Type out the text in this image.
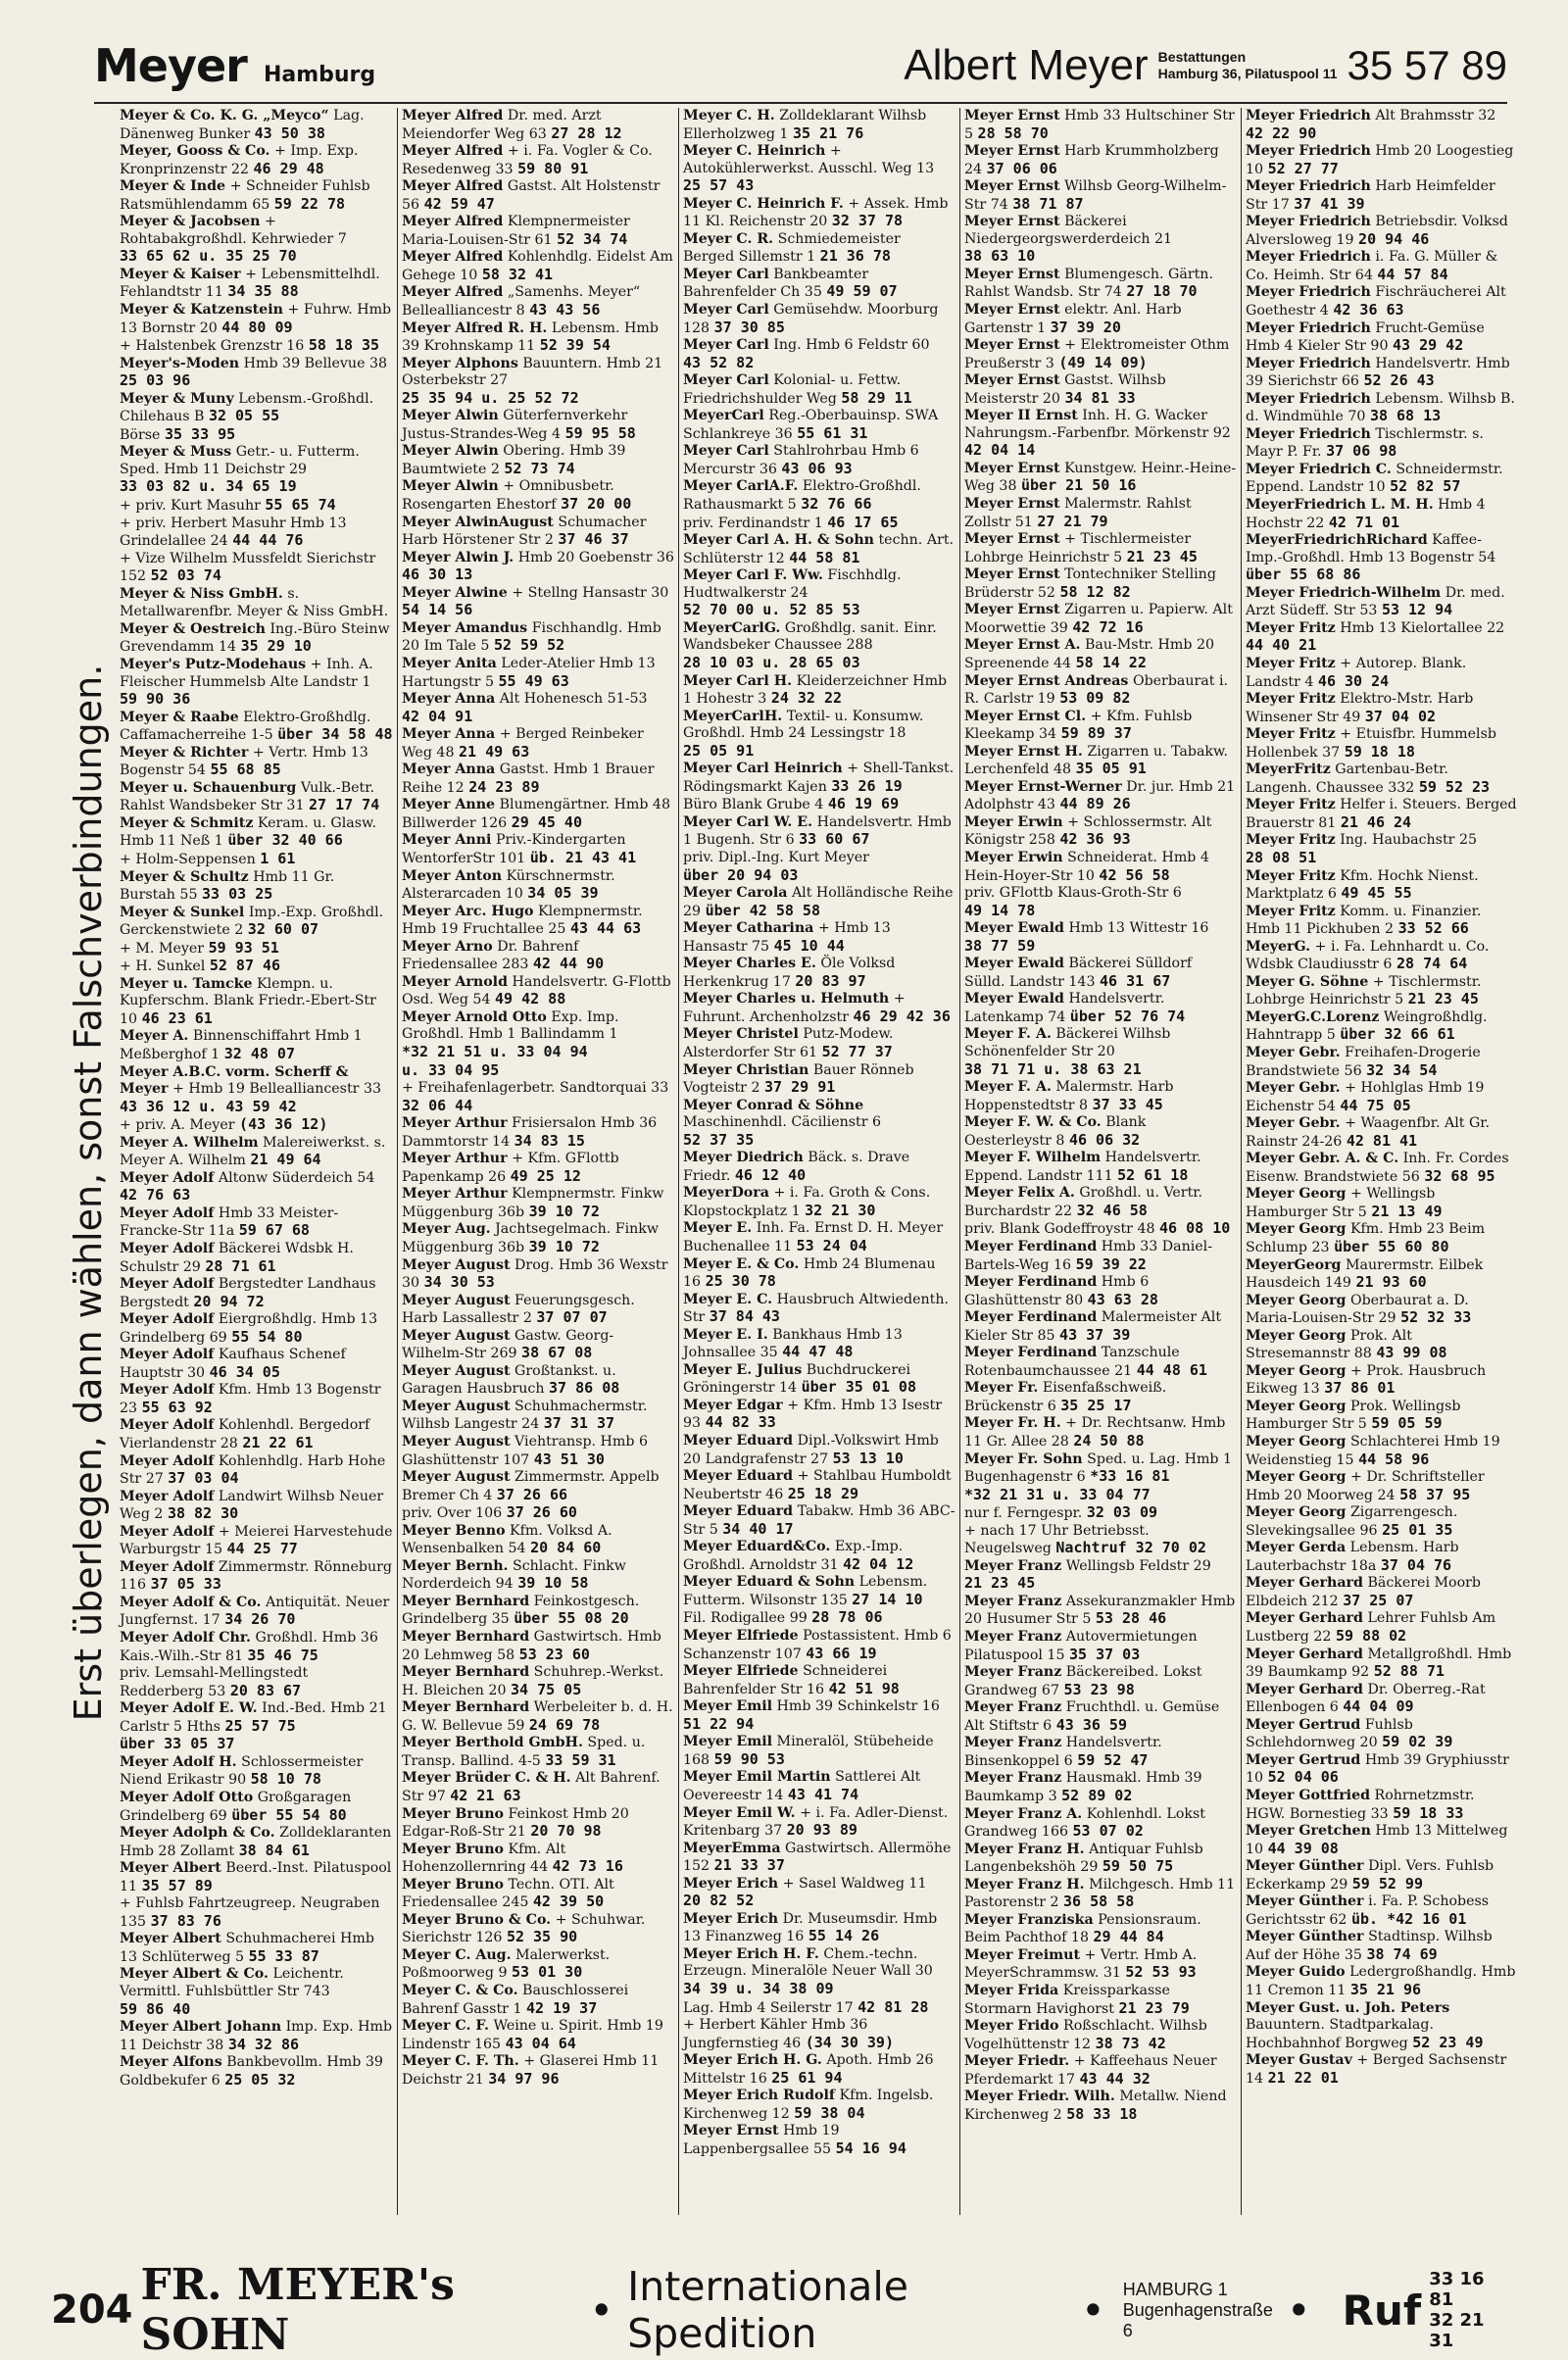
Meyer Hamburg	Albert Meyer Bestattungen
Hamburg 36, Pilatuspool 11 35 57 89
Erst überlegen, dann wählen, sonst Falschverbindungen.
Meyer & Co. K. G. „Meyco“ Lag. Dänenweg Bunker 43 50 38
Meyer, Gooss & Co. + Imp. Exp. Kronprinzenstr 22 46 29 48
Meyer & Inde + Schneider Fuhlsb Ratsmühlendamm 65 59 22 78
Meyer & Jacobsen + Rohtabakgroßhdl. Kehrwieder 7 33 65 62 u. 35 25 70
Meyer & Kaiser + Lebensmittelhdl. Fehlandtstr 11 34 35 88
Meyer & Katzenstein + Fuhrw. Hmb 13 Bornstr 20 44 80 09
+ Halstenbek Grenzstr 16 58 18 35
Meyer's-Moden Hmb 39 Bellevue 38 25 03 96
Meyer & Muny Lebensm.-Großhdl. Chilehaus B 32 05 55
Börse 35 33 95
Meyer & Muss Getr.- u. Futterm. Sped. Hmb 11 Deichstr 29 33 03 82 u. 34 65 19
+ priv. Kurt Masuhr 55 65 74
+ priv. Herbert Masuhr Hmb 13 Grindelallee 24 44 44 76
+ Vize Wilhelm Mussfeldt Sierichstr 152 52 03 74
Meyer & Niss GmbH. s. Metallwarenfbr. Meyer & Niss GmbH.
Meyer & Oestreich Ing.-Büro Steinw Grevendamm 14 35 29 10
Meyer's Putz-Modehaus + Inh. A. Fleischer Hummelsb Alte Landstr 1 59 90 36
Meyer & Raabe Elektro-Großhdlg. Caffamacherreihe 1-5 über 34 58 48
Meyer & Richter + Vertr. Hmb 13 Bogenstr 54 55 68 85
Meyer u. Schauenburg Vulk.-Betr. Rahlst Wandsbeker Str 31 27 17 74
Meyer & Schmitz Keram. u. Glasw. Hmb 11 Neß 1 über 32 40 66
+ Holm-Seppensen 1 61
Meyer & Schultz Hmb 11 Gr. Burstah 55 33 03 25
Meyer & Sunkel Imp.-Exp. Großhdl. Gerckenstwiete 2 32 60 07
+ M. Meyer 59 93 51
+ H. Sunkel 52 87 46
Meyer u. Tamcke Klempn. u. Kupferschm. Blank Friedr.-Ebert-Str 10 46 23 61
Meyer A. Binnenschiffahrt Hmb 1 Meßberghof 1 32 48 07
Meyer A.B.C. vorm. Scherff & Meyer + Hmb 19 Bellealliancestr 33 43 36 12 u. 43 59 42
+ priv. A. Meyer (43 36 12)
Meyer A. Wilhelm Malereiwerkst. s. Meyer A. Wilhelm 21 49 64
Meyer Adolf Altonw Süderdeich 54 42 76 63
Meyer Adolf Hmb 33 Meister-Francke-Str 11a 59 67 68
Meyer Adolf Bäckerei Wdsbk H. Schulstr 29 28 71 61
Meyer Adolf Bergstedter Landhaus Bergstedt 20 94 72
Meyer Adolf Eiergroßhdlg. Hmb 13 Grindelberg 69 55 54 80
Meyer Adolf Kaufhaus Schenef Hauptstr 30 46 34 05
Meyer Adolf Kfm. Hmb 13 Bogenstr 23 55 63 92
Meyer Adolf Kohlenhdl. Bergedorf Vierlandenstr 28 21 22 61
Meyer Adolf Kohlenhdlg. Harb Hohe Str 27 37 03 04
Meyer Adolf Landwirt Wilhsb Neuer Weg 2 38 82 30
Meyer Adolf + Meierei Harvestehude Warburgstr 15 44 25 77
Meyer Adolf Zimmermstr. Rönneburg 116 37 05 33
Meyer Adolf & Co. Antiquität. Neuer Jungfernst. 17 34 26 70
Meyer Adolf Chr. Großhdl. Hmb 36 Kais.-Wilh.-Str 81 35 46 75
priv. Lemsahl-Mellingstedt Redderberg 53 20 83 67
Meyer Adolf E. W. Ind.-Bed. Hmb 21 Carlstr 5 Hths 25 57 75
über 33 05 37
Meyer Adolf H. Schlossermeister Niend Erikastr 90 58 10 78
Meyer Adolf Otto Großgaragen Grindelberg 69 über 55 54 80
Meyer Adolph & Co. Zolldeklaranten Hmb 28 Zollamt 38 84 61
Meyer Albert Beerd.-Inst. Pilatuspool 11 35 57 89
+ Fuhlsb Fahrtzeugreep. Neugraben 135 37 83 76
Meyer Albert Schuhmacherei Hmb 13 Schlüterweg 5 55 33 87
Meyer Albert & Co. Leichentr. Vermittl. Fuhlsbüttler Str 743 59 86 40
Meyer Albert Johann Imp. Exp. Hmb 11 Deichstr 38 34 32 86
Meyer Alfons Bankbevollm. Hmb 39 Goldbekufer 6 25 05 32
Meyer Alfred Dr. med. Arzt Meiendorfer Weg 63 27 28 12
Meyer Alfred + i. Fa. Vogler & Co. Resedenweg 33 59 80 91
Meyer Alfred Gastst. Alt Holstenstr 56 42 59 47
Meyer Alfred Klempnermeister Maria-Louisen-Str 61 52 34 74
Meyer Alfred Kohlenhdlg. Eidelst Am Gehege 10 58 32 41
Meyer Alfred „Samenhs. Meyer“ Bellealliancestr 8 43 43 56
Meyer Alfred R. H. Lebensm. Hmb 39 Krohnskamp 11 52 39 54
Meyer Alphons Bauuntern. Hmb 21 Osterbekstr 27 25 35 94 u. 25 52 72
Meyer Alwin Güterfernverkehr Justus-Strandes-Weg 4 59 95 58
Meyer Alwin Obering. Hmb 39 Baumtwiete 2 52 73 74
Meyer Alwin + Omnibusbetr. Rosengarten Ehestorf 37 20 00
Meyer AlwinAugust Schumacher Harb Hörstener Str 2 37 46 37
Meyer Alwin J. Hmb 20 Goebenstr 36 46 30 13
Meyer Alwine + Stellng Hansastr 30 54 14 56
Meyer Amandus Fischhandlg. Hmb 20 Im Tale 5 52 59 52
Meyer Anita Leder-Atelier Hmb 13 Hartungstr 5 55 49 63
Meyer Anna Alt Hohenesch 51-53 42 04 91
Meyer Anna + Berged Reinbeker Weg 48 21 49 63
Meyer Anna Gastst. Hmb 1 Brauer Reihe 12 24 23 89
Meyer Anne Blumengärtner. Hmb 48 Billwerder 126 29 45 40
Meyer Anni Priv.-Kindergarten WentorferStr 101 üb. 21 43 41
Meyer Anton Kürschnermstr. Alsterarcaden 10 34 05 39
Meyer Arc. Hugo Klempnermstr. Hmb 19 Fruchtallee 25 43 44 63
Meyer Arno Dr. Bahrenf Friedensallee 283 42 44 90
Meyer Arnold Handelsvertr. G-Flottb Osd. Weg 54 49 42 88
Meyer Arnold Otto Exp. Imp. Großhdl. Hmb 1 Ballindamm 1 *32 21 51 u. 33 04 94
u. 33 04 95
+ Freihafenlagerbetr. Sandtorquai 33 32 06 44
Meyer Arthur Frisiersalon Hmb 36 Dammtorstr 14 34 83 15
Meyer Arthur + Kfm. GFlottb Papenkamp 26 49 25 12
Meyer Arthur Klempnermstr. Finkw Müggenburg 36b 39 10 72
Meyer Aug. Jachtsegelmach. Finkw Müggenburg 36b 39 10 72
Meyer August Drog. Hmb 36 Wexstr 30 34 30 53
Meyer August Feuerungsgesch. Harb Lassallestr 2 37 07 07
Meyer August Gastw. Georg-Wilhelm-Str 269 38 67 08
Meyer August Großtankst. u. Garagen Hausbruch 37 86 08
Meyer August Schuhmachermstr. Wilhsb Langestr 24 37 31 37
Meyer August Viehtransp. Hmb 6 Glashüttenstr 107 43 51 30
Meyer August Zimmermstr. Appelb Bremer Ch 4 37 26 66
priv. Over 106 37 26 60
Meyer Benno Kfm. Volksd A. Wensenbalken 54 20 84 60
Meyer Bernh. Schlacht. Finkw Norderdeich 94 39 10 58
Meyer Bernhard Feinkostgesch. Grindelberg 35 über 55 08 20
Meyer Bernhard Gastwirtsch. Hmb 20 Lehmweg 58 53 23 60
Meyer Bernhard Schuhrep.-Werkst. H. Bleichen 20 34 75 05
Meyer Bernhard Werbeleiter b. d. H. G. W. Bellevue 59 24 69 78
Meyer Berthold GmbH. Sped. u. Transp. Ballind. 4-5 33 59 31
Meyer Brüder C. & H. Alt Bahrenf. Str 97 42 21 63
Meyer Bruno Feinkost Hmb 20 Edgar-Roß-Str 21 20 70 98
Meyer Bruno Kfm. Alt Hohenzollernring 44 42 73 16
Meyer Bruno Techn. OTI. Alt Friedensallee 245 42 39 50
Meyer Bruno & Co. + Schuhwar. Sierichstr 126 52 35 90
Meyer C. Aug. Malerwerkst. Poßmoorweg 9 53 01 30
Meyer C. & Co. Bauschlosserei Bahrenf Gasstr 1 42 19 37
Meyer C. F. Weine u. Spirit. Hmb 19 Lindenstr 165 43 04 64
Meyer C. F. Th. + Glaserei Hmb 11 Deichstr 21 34 97 96
Meyer C. H. Zolldeklarant Wilhsb Ellerholzweg 1 35 21 76
Meyer C. Heinrich + Autokühlerwerkst. Ausschl. Weg 13 25 57 43
Meyer C. Heinrich F. + Assek. Hmb 11 Kl. Reichenstr 20 32 37 78
Meyer C. R. Schmiedemeister Berged Sillemstr 1 21 36 78
Meyer Carl Bankbeamter Bahrenfelder Ch 35 49 59 07
Meyer Carl Gemüsehdw. Moorburg 128 37 30 85
Meyer Carl Ing. Hmb 6 Feldstr 60 43 52 82
Meyer Carl Kolonial- u. Fettw. Friedrichshulder Weg 58 29 11
MeyerCarl Reg.-Oberbauinsp. SWA Schlankreye 36 55 61 31
Meyer Carl Stahlrohrbau Hmb 6 Mercurstr 36 43 06 93
Meyer CarlA.F. Elektro-Großhdl. Rathausmarkt 5 32 76 66
priv. Ferdinandstr 1 46 17 65
Meyer Carl A. H. & Sohn techn. Art. Schlüterstr 12 44 58 81
Meyer Carl F. Ww. Fischhdlg. Hudtwalkerstr 24 52 70 00 u. 52 85 53
MeyerCarlG. Großhdlg. sanit. Einr. Wandsbeker Chaussee 288 28 10 03 u. 28 65 03
Meyer Carl H. Kleiderzeichner Hmb 1 Hohestr 3 24 32 22
MeyerCarlH. Textil- u. Konsumw. Großhdl. Hmb 24 Lessingstr 18 25 05 91
Meyer Carl Heinrich + Shell-Tankst. Rödingsmarkt Kajen 33 26 19
Büro Blank Grube 4 46 19 69
Meyer Carl W. E. Handelsvertr. Hmb 1 Bugenh. Str 6 33 60 67
priv. Dipl.-Ing. Kurt Meyer über 20 94 03
Meyer Carola Alt Holländische Reihe 29 über 42 58 58
Meyer Catharina + Hmb 13 Hansastr 75 45 10 44
Meyer Charles E. Öle Volksd Herkenkrug 17 20 83 97
Meyer Charles u. Helmuth + Fuhrunt. Archenholzstr 46 29 42 36
Meyer Christel Putz-Modew. Alsterdorfer Str 61 52 77 37
Meyer Christian Bauer Rönneb Vogteistr 2 37 29 91
Meyer Conrad & Söhne Maschinenhdl. Cäcilienstr 6 52 37 35
Meyer Diedrich Bäck. s. Drave Friedr. 46 12 40
MeyerDora + i. Fa. Groth & Cons. Klopstockplatz 1 32 21 30
Meyer E. Inh. Fa. Ernst D. H. Meyer Buchenallee 11 53 24 04
Meyer E. & Co. Hmb 24 Blumenau 16 25 30 78
Meyer E. C. Hausbruch Altwiedenth. Str 37 84 43
Meyer E. I. Bankhaus Hmb 13 Johnsallee 35 44 47 48
Meyer E. Julius Buchdruckerei Gröningerstr 14 über 35 01 08
Meyer Edgar + Kfm. Hmb 13 Isestr 93 44 82 33
Meyer Eduard Dipl.-Volkswirt Hmb 20 Landgrafenstr 27 53 13 10
Meyer Eduard + Stahlbau Humboldt Neubertstr 46 25 18 29
Meyer Eduard Tabakw. Hmb 36 ABC-Str 5 34 40 17
Meyer Eduard&Co. Exp.-Imp. Großhdl. Arnoldstr 31 42 04 12
Meyer Eduard & Sohn Lebensm. Futterm. Wilsonstr 135 27 14 10
Fil. Rodigallee 99 28 78 06
Meyer Elfriede Postassistent. Hmb 6 Schanzenstr 107 43 66 19
Meyer Elfriede Schneiderei Bahrenfelder Str 16 42 51 98
Meyer Emil Hmb 39 Schinkelstr 16 51 22 94
Meyer Emil Mineralöl, Stübeheide 168 59 90 53
Meyer Emil Martin Sattlerei Alt Oevereestr 14 43 41 74
Meyer Emil W. + i. Fa. Adler-Dienst. Kritenbarg 37 20 93 89
MeyerEmma Gastwirtsch. Allermöhe 152 21 33 37
Meyer Erich + Sasel Waldweg 11 20 82 52
Meyer Erich Dr. Museumsdir. Hmb 13 Finanzweg 16 55 14 26
Meyer Erich H. F. Chem.-techn. Erzeugn. Mineralöle Neuer Wall 30 34 39 u. 34 38 09
Lag. Hmb 4 Seilerstr 17 42 81 28
+ Herbert Kähler Hmb 36 Jungfernstieg 46 (34 30 39)
Meyer Erich H. G. Apoth. Hmb 26 Mittelstr 16 25 61 94
Meyer Erich Rudolf Kfm. Ingelsb. Kirchenweg 12 59 38 04
Meyer Ernst Hmb 19 Lappenbergsallee 55 54 16 94
Meyer Ernst Hmb 33 Hultschiner Str 5 28 58 70
Meyer Ernst Harb Krummholzberg 24 37 06 06
Meyer Ernst Wilhsb Georg-Wilhelm-Str 74 38 71 87
Meyer Ernst Bäckerei Niedergeorgswerderdeich 21 38 63 10
Meyer Ernst Blumengesch. Gärtn. Rahlst Wandsb. Str 74 27 18 70
Meyer Ernst elektr. Anl. Harb Gartenstr 1 37 39 20
Meyer Ernst + Elektromeister Othm Preußerstr 3 (49 14 09)
Meyer Ernst Gastst. Wilhsb Meisterstr 20 34 81 33
Meyer II Ernst Inh. H. G. Wacker Nahrungsm.-Farbenfbr. Mörkenstr 92 42 04 14
Meyer Ernst Kunstgew. Heinr.-Heine-Weg 38 über 21 50 16
Meyer Ernst Malermstr. Rahlst Zollstr 51 27 21 79
Meyer Ernst + Tischlermeister Lohbrge Heinrichstr 5 21 23 45
Meyer Ernst Tontechniker Stelling Brüderstr 52 58 12 82
Meyer Ernst Zigarren u. Papierw. Alt Moorwettie 39 42 72 16
Meyer Ernst A. Bau-Mstr. Hmb 20 Spreenende 44 58 14 22
Meyer Ernst Andreas Oberbaurat i. R. Carlstr 19 53 09 82
Meyer Ernst Cl. + Kfm. Fuhlsb Kleekamp 34 59 89 37
Meyer Ernst H. Zigarren u. Tabakw. Lerchenfeld 48 35 05 91
Meyer Ernst-Werner Dr. jur. Hmb 21 Adolphstr 43 44 89 26
Meyer Erwin + Schlossermstr. Alt Königstr 258 42 36 93
Meyer Erwin Schneiderat. Hmb 4 Hein-Hoyer-Str 10 42 56 58
priv. GFlottb Klaus-Groth-Str 6 49 14 78
Meyer Ewald Hmb 13 Wittestr 16 38 77 59
Meyer Ewald Bäckerei Sülldorf Sülld. Landstr 143 46 31 67
Meyer Ewald Handelsvertr. Latenkamp 74 über 52 76 74
Meyer F. A. Bäckerei Wilhsb Schönenfelder Str 20 38 71 71 u. 38 63 21
Meyer F. A. Malermstr. Harb Hoppenstedtstr 8 37 33 45
Meyer F. W. & Co. Blank Oesterleystr 8 46 06 32
Meyer F. Wilhelm Handelsvertr. Eppend. Landstr 111 52 61 18
Meyer Felix A. Großhdl. u. Vertr. Burchardstr 22 32 46 58
priv. Blank Godeffroystr 48 46 08 10
Meyer Ferdinand Hmb 33 Daniel-Bartels-Weg 16 59 39 22
Meyer Ferdinand Hmb 6 Glashüttenstr 80 43 63 28
Meyer Ferdinand Malermeister Alt Kieler Str 85 43 37 39
Meyer Ferdinand Tanzschule Rotenbaumchaussee 21 44 48 61
Meyer Fr. Eisenfaßschweiß. Brückenstr 6 35 25 17
Meyer Fr. H. + Dr. Rechtsanw. Hmb 11 Gr. Allee 28 24 50 88
Meyer Fr. Sohn Sped. u. Lag. Hmb 1 Bugenhagenstr 6 *33 16 81
*32 21 31 u. 33 04 77
nur f. Ferngespr. 32 03 09
+ nach 17 Uhr Betriebsst. Neugelsweg Nachtruf 32 70 02
Meyer Franz Wellingsb Feldstr 29 21 23 45
Meyer Franz Assekuranzmakler Hmb 20 Husumer Str 5 53 28 46
Meyer Franz Autovermietungen Pilatuspool 15 35 37 03
Meyer Franz Bäckereibed. Lokst Grandweg 67 53 23 98
Meyer Franz Fruchthdl. u. Gemüse Alt Stiftstr 6 43 36 59
Meyer Franz Handelsvertr. Binsenkoppel 6 59 52 47
Meyer Franz Hausmakl. Hmb 39 Baumkamp 3 52 89 02
Meyer Franz A. Kohlenhdl. Lokst Grandweg 166 53 07 02
Meyer Franz H. Antiquar Fuhlsb Langenbekshöh 29 59 50 75
Meyer Franz H. Milchgesch. Hmb 11 Pastorenstr 2 36 58 58
Meyer Franziska Pensionsraum. Beim Pachthof 18 29 44 84
Meyer Freimut + Vertr. Hmb A. MeyerSchrammsw. 31 52 53 93
Meyer Frida Kreissparkasse Stormarn Havighorst 21 23 79
Meyer Frido Roßschlacht. Wilhsb Vogelhüttenstr 12 38 73 42
Meyer Friedr. + Kaffeehaus Neuer Pferdemarkt 17 43 44 32
Meyer Friedr. Wilh. Metallw. Niend Kirchenweg 2 58 33 18
Meyer Friedrich Alt Brahmsstr 32 42 22 90
Meyer Friedrich Hmb 20 Loogestieg 10 52 27 77
Meyer Friedrich Harb Heimfelder Str 17 37 41 39
Meyer Friedrich Betriebsdir. Volksd Alversloweg 19 20 94 46
Meyer Friedrich i. Fa. G. Müller & Co. Heimh. Str 64 44 57 84
Meyer Friedrich Fischräucherei Alt Goethestr 4 42 36 63
Meyer Friedrich Frucht-Gemüse Hmb 4 Kieler Str 90 43 29 42
Meyer Friedrich Handelsvertr. Hmb 39 Sierichstr 66 52 26 43
Meyer Friedrich Lebensm. Wilhsb B. d. Windmühle 70 38 68 13
Meyer Friedrich Tischlermstr. s. Mayr P. Fr. 37 06 98
Meyer Friedrich C. Schneidermstr. Eppend. Landstr 10 52 82 57
MeyerFriedrich L. M. H. Hmb 4 Hochstr 22 42 71 01
MeyerFriedrichRichard Kaffee-Imp.-Großhdl. Hmb 13 Bogenstr 54 über 55 68 86
Meyer Friedrich-Wilhelm Dr. med. Arzt Südeff. Str 53 53 12 94
Meyer Fritz Hmb 13 Kielortallee 22 44 40 21
Meyer Fritz + Autorep. Blank. Landstr 4 46 30 24
Meyer Fritz Elektro-Mstr. Harb Winsener Str 49 37 04 02
Meyer Fritz + Etuisfbr. Hummelsb Hollenbek 37 59 18 18
MeyerFritz Gartenbau-Betr. Langenh. Chaussee 332 59 52 23
Meyer Fritz Helfer i. Steuers. Berged Brauerstr 81 21 46 24
Meyer Fritz Ing. Haubachstr 25 28 08 51
Meyer Fritz Kfm. Hochk Nienst. Marktplatz 6 49 45 55
Meyer Fritz Komm. u. Finanzier. Hmb 11 Pickhuben 2 33 52 66
MeyerG. + i. Fa. Lehnhardt u. Co. Wdsbk Claudiusstr 6 28 74 64
Meyer G. Söhne + Tischlermstr. Lohbrge Heinrichstr 5 21 23 45
MeyerG.C.Lorenz Weingroßhdlg. Hahntrapp 5 über 32 66 61
Meyer Gebr. Freihafen-Drogerie Brandstwiete 56 32 34 54
Meyer Gebr. + Hohlglas Hmb 19 Eichenstr 54 44 75 05
Meyer Gebr. + Waagenfbr. Alt Gr. Rainstr 24-26 42 81 41
Meyer Gebr. A. & C. Inh. Fr. Cordes Eisenw. Brandstwiete 56 32 68 95
Meyer Georg + Wellingsb Hamburger Str 5 21 13 49
Meyer Georg Kfm. Hmb 23 Beim Schlump 23 über 55 60 80
MeyerGeorg Maurermstr. Eilbek Hausdeich 149 21 93 60
Meyer Georg Oberbaurat a. D. Maria-Louisen-Str 29 52 32 33
Meyer Georg Prok. Alt Stresemannstr 88 43 99 08
Meyer Georg + Prok. Hausbruch Eikweg 13 37 86 01
Meyer Georg Prok. Wellingsb Hamburger Str 5 59 05 59
Meyer Georg Schlachterei Hmb 19 Weidenstieg 15 44 58 96
Meyer Georg + Dr. Schriftsteller Hmb 20 Moorweg 24 58 37 95
Meyer Georg Zigarrengesch. Slevekingsallee 96 25 01 35
Meyer Gerda Lebensm. Harb Lauterbachstr 18a 37 04 76
Meyer Gerhard Bäckerei Moorb Elbdeich 212 37 25 07
Meyer Gerhard Lehrer Fuhlsb Am Lustberg 22 59 88 02
Meyer Gerhard Metallgroßhdl. Hmb 39 Baumkamp 92 52 88 71
Meyer Gerhard Dr. Oberreg.-Rat Ellenbogen 6 44 04 09
Meyer Gertrud Fuhlsb Schlehdornweg 20 59 02 39
Meyer Gertrud Hmb 39 Gryphiusstr 10 52 04 06
Meyer Gottfried Rohrnetzmstr. HGW. Bornestieg 33 59 18 33
Meyer Gretchen Hmb 13 Mittelweg 10 44 39 08
Meyer Günther Dipl. Vers. Fuhlsb Eckerkamp 29 59 52 99
Meyer Günther i. Fa. P. Schobess Gerichtsstr 62 üb. *42 16 01
Meyer Günther Stadtinsp. Wilhsb Auf der Höhe 35 38 74 69
Meyer Guido Ledergroßhandlg. Hmb 11 Cremon 11 35 21 96
Meyer Gust. u. Joh. Peters Bauuntern. Stadtparkalag. Hochbahnhof Borgweg 52 23 49
Meyer Gustav + Berged Sachsenstr 14 21 22 01
204 FR. MEYER's SOHN	• Internationale Spedition	• HAMBURG 1
Bugenhagenstraße 6	• Ruf
33 16 81
32 21 31
